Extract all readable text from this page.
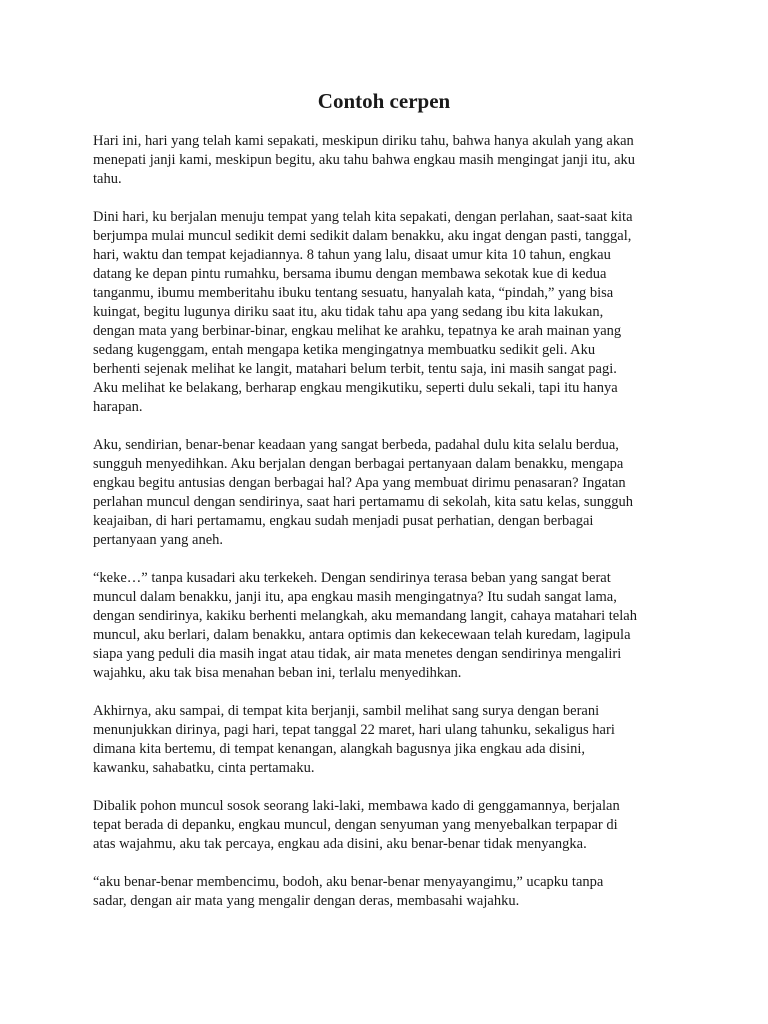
Contoh cerpen

Hari ini, hari yang telah kami sepakati, meskipun diriku tahu, bahwa hanya akulah yang akan
menepati janji kami, meskipun begitu, aku tahu bahwa engkau masih mengingat janji itu, aku
tahu.

Dini hari, ku berjalan menuju tempat yang telah kita sepakati, dengan perlahan, saat-saat kita
berjumpa mulai muncul sedikit demi sedikit dalam benakku, aku ingat dengan pasti, tanggal,
hari, waktu dan tempat kejadiannya. 8 tahun yang lalu, disaat umur kita 10 tahun, engkau
datang ke depan pintu rumahku, bersama ibumu dengan membawa sekotak kue di kedua
tanganmu, ibumu memberitahu ibuku tentang sesuatu, hanyalah kata, “pindah,” yang bisa
kuingat, begitu lugunya diriku saat itu, aku tidak tahu apa yang sedang ibu kita lakukan,
dengan mata yang berbinar-binar, engkau melihat ke arahku, tepatnya ke arah mainan yang
sedang kugenggam, entah mengapa ketika mengingatnya membuatku sedikit geli. Aku
berhenti sejenak melihat ke langit, matahari belum terbit, tentu saja, ini masih sangat pagi.
Aku melihat ke belakang, berharap engkau mengikutiku, seperti dulu sekali, tapi itu hanya
harapan.

Aku, sendirian, benar-benar keadaan yang sangat berbeda, padahal dulu kita selalu berdua,
sungguh menyedihkan. Aku berjalan dengan berbagai pertanyaan dalam benakku, mengapa
engkau begitu antusias dengan berbagai hal? Apa yang membuat dirimu penasaran? Ingatan
perlahan muncul dengan sendirinya, saat hari pertamamu di sekolah, kita satu kelas, sungguh
keajaiban, di hari pertamamu, engkau sudah menjadi pusat perhatian, dengan berbagai
pertanyaan yang aneh.

“keke…” tanpa kusadari aku terkekeh. Dengan sendirinya terasa beban yang sangat berat
muncul dalam benakku, janji itu, apa engkau masih mengingatnya? Itu sudah sangat lama,
dengan sendirinya, kakiku berhenti melangkah, aku memandang langit, cahaya matahari telah
muncul, aku berlari, dalam benakku, antara optimis dan kekecewaan telah kuredam, lagipula
siapa yang peduli dia masih ingat atau tidak, air mata menetes dengan sendirinya mengaliri
wajahku, aku tak bisa menahan beban ini, terlalu menyedihkan.

Akhirnya, aku sampai, di tempat kita berjanji, sambil melihat sang surya dengan berani
menunjukkan dirinya, pagi hari, tepat tanggal 22 maret, hari ulang tahunku, sekaligus hari
dimana kita bertemu, di tempat kenangan, alangkah bagusnya jika engkau ada disini,
kawanku, sahabatku, cinta pertamaku.

Dibalik pohon muncul sosok seorang laki-laki, membawa kado di genggamannya, berjalan
tepat berada di depanku, engkau muncul, dengan senyuman yang menyebalkan terpapar di
atas wajahmu, aku tak percaya, engkau ada disini, aku benar-benar tidak menyangka.

“aku benar-benar membencimu, bodoh, aku benar-benar menyayangimu,” ucapku tanpa
sadar, dengan air mata yang mengalir dengan deras, membasahi wajahku.
